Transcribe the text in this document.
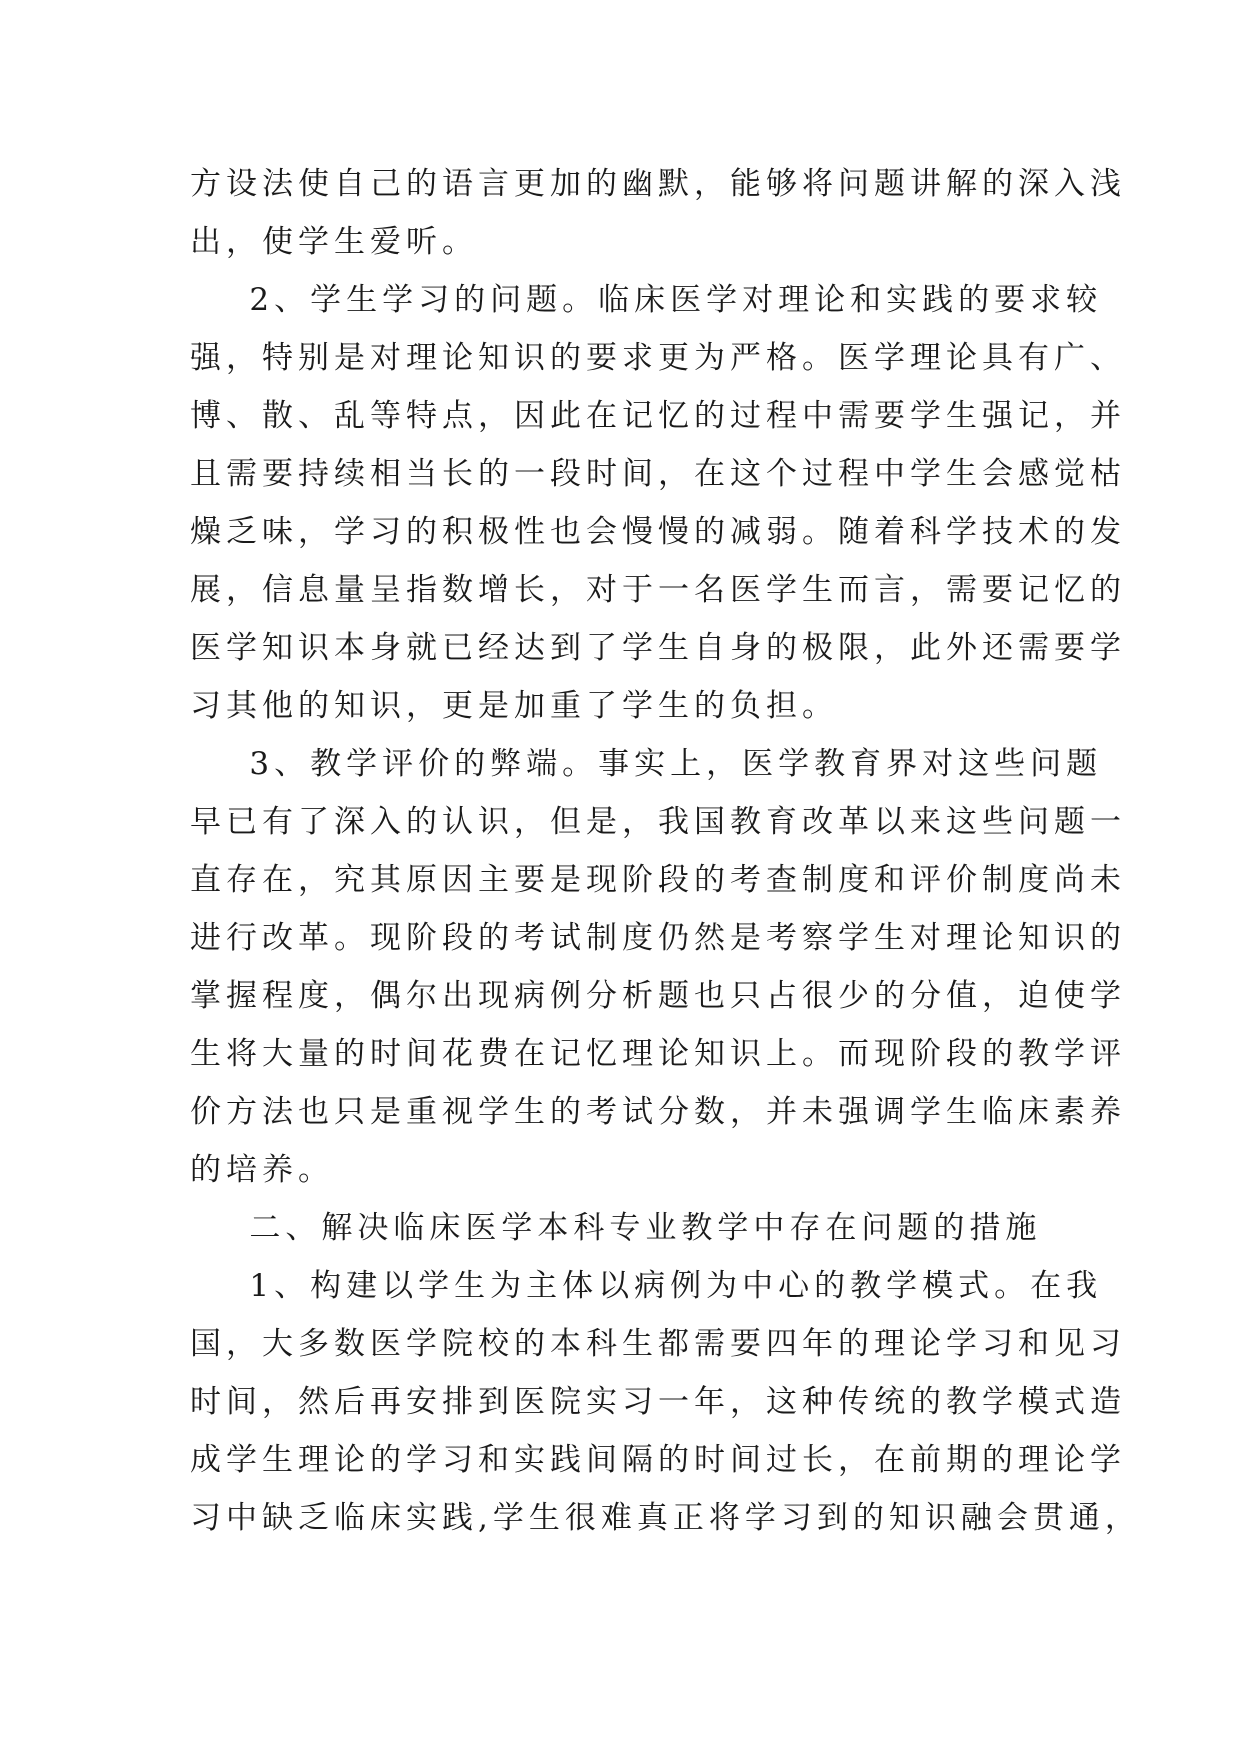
方设法使自己的语言更加的幽默，能够将问题讲解的深入浅

出，使学生爱听。

2、学生学习的问题。临床医学对理论和实践的要求较

强，特别是对理论知识的要求更为严格。医学理论具有广、

博、散、乱等特点，因此在记忆的过程中需要学生强记，并

且需要持续相当长的一段时间，在这个过程中学生会感觉枯

燥乏味，学习的积极性也会慢慢的减弱。随着科学技术的发

展，信息量呈指数增长，对于一名医学生而言，需要记忆的

医学知识本身就已经达到了学生自身的极限，此外还需要学

习其他的知识，更是加重了学生的负担。

3、教学评价的弊端。事实上，医学教育界对这些问题

早已有了深入的认识，但是，我国教育改革以来这些问题一

直存在，究其原因主要是现阶段的考查制度和评价制度尚未

进行改革。现阶段的考试制度仍然是考察学生对理论知识的

掌握程度，偶尔出现病例分析题也只占很少的分值，迫使学

生将大量的时间花费在记忆理论知识上。而现阶段的教学评

价方法也只是重视学生的考试分数，并未强调学生临床素养

的培养。

二、解决临床医学本科专业教学中存在问题的措施

1、构建以学生为主体以病例为中心的教学模式。在我

国，大多数医学院校的本科生都需要四年的理论学习和见习

时间，然后再安排到医院实习一年，这种传统的教学模式造

成学生理论的学习和实践间隔的时间过长，在前期的理论学

习中缺乏临床实践,学生很难真正将学习到的知识融会贯通，
